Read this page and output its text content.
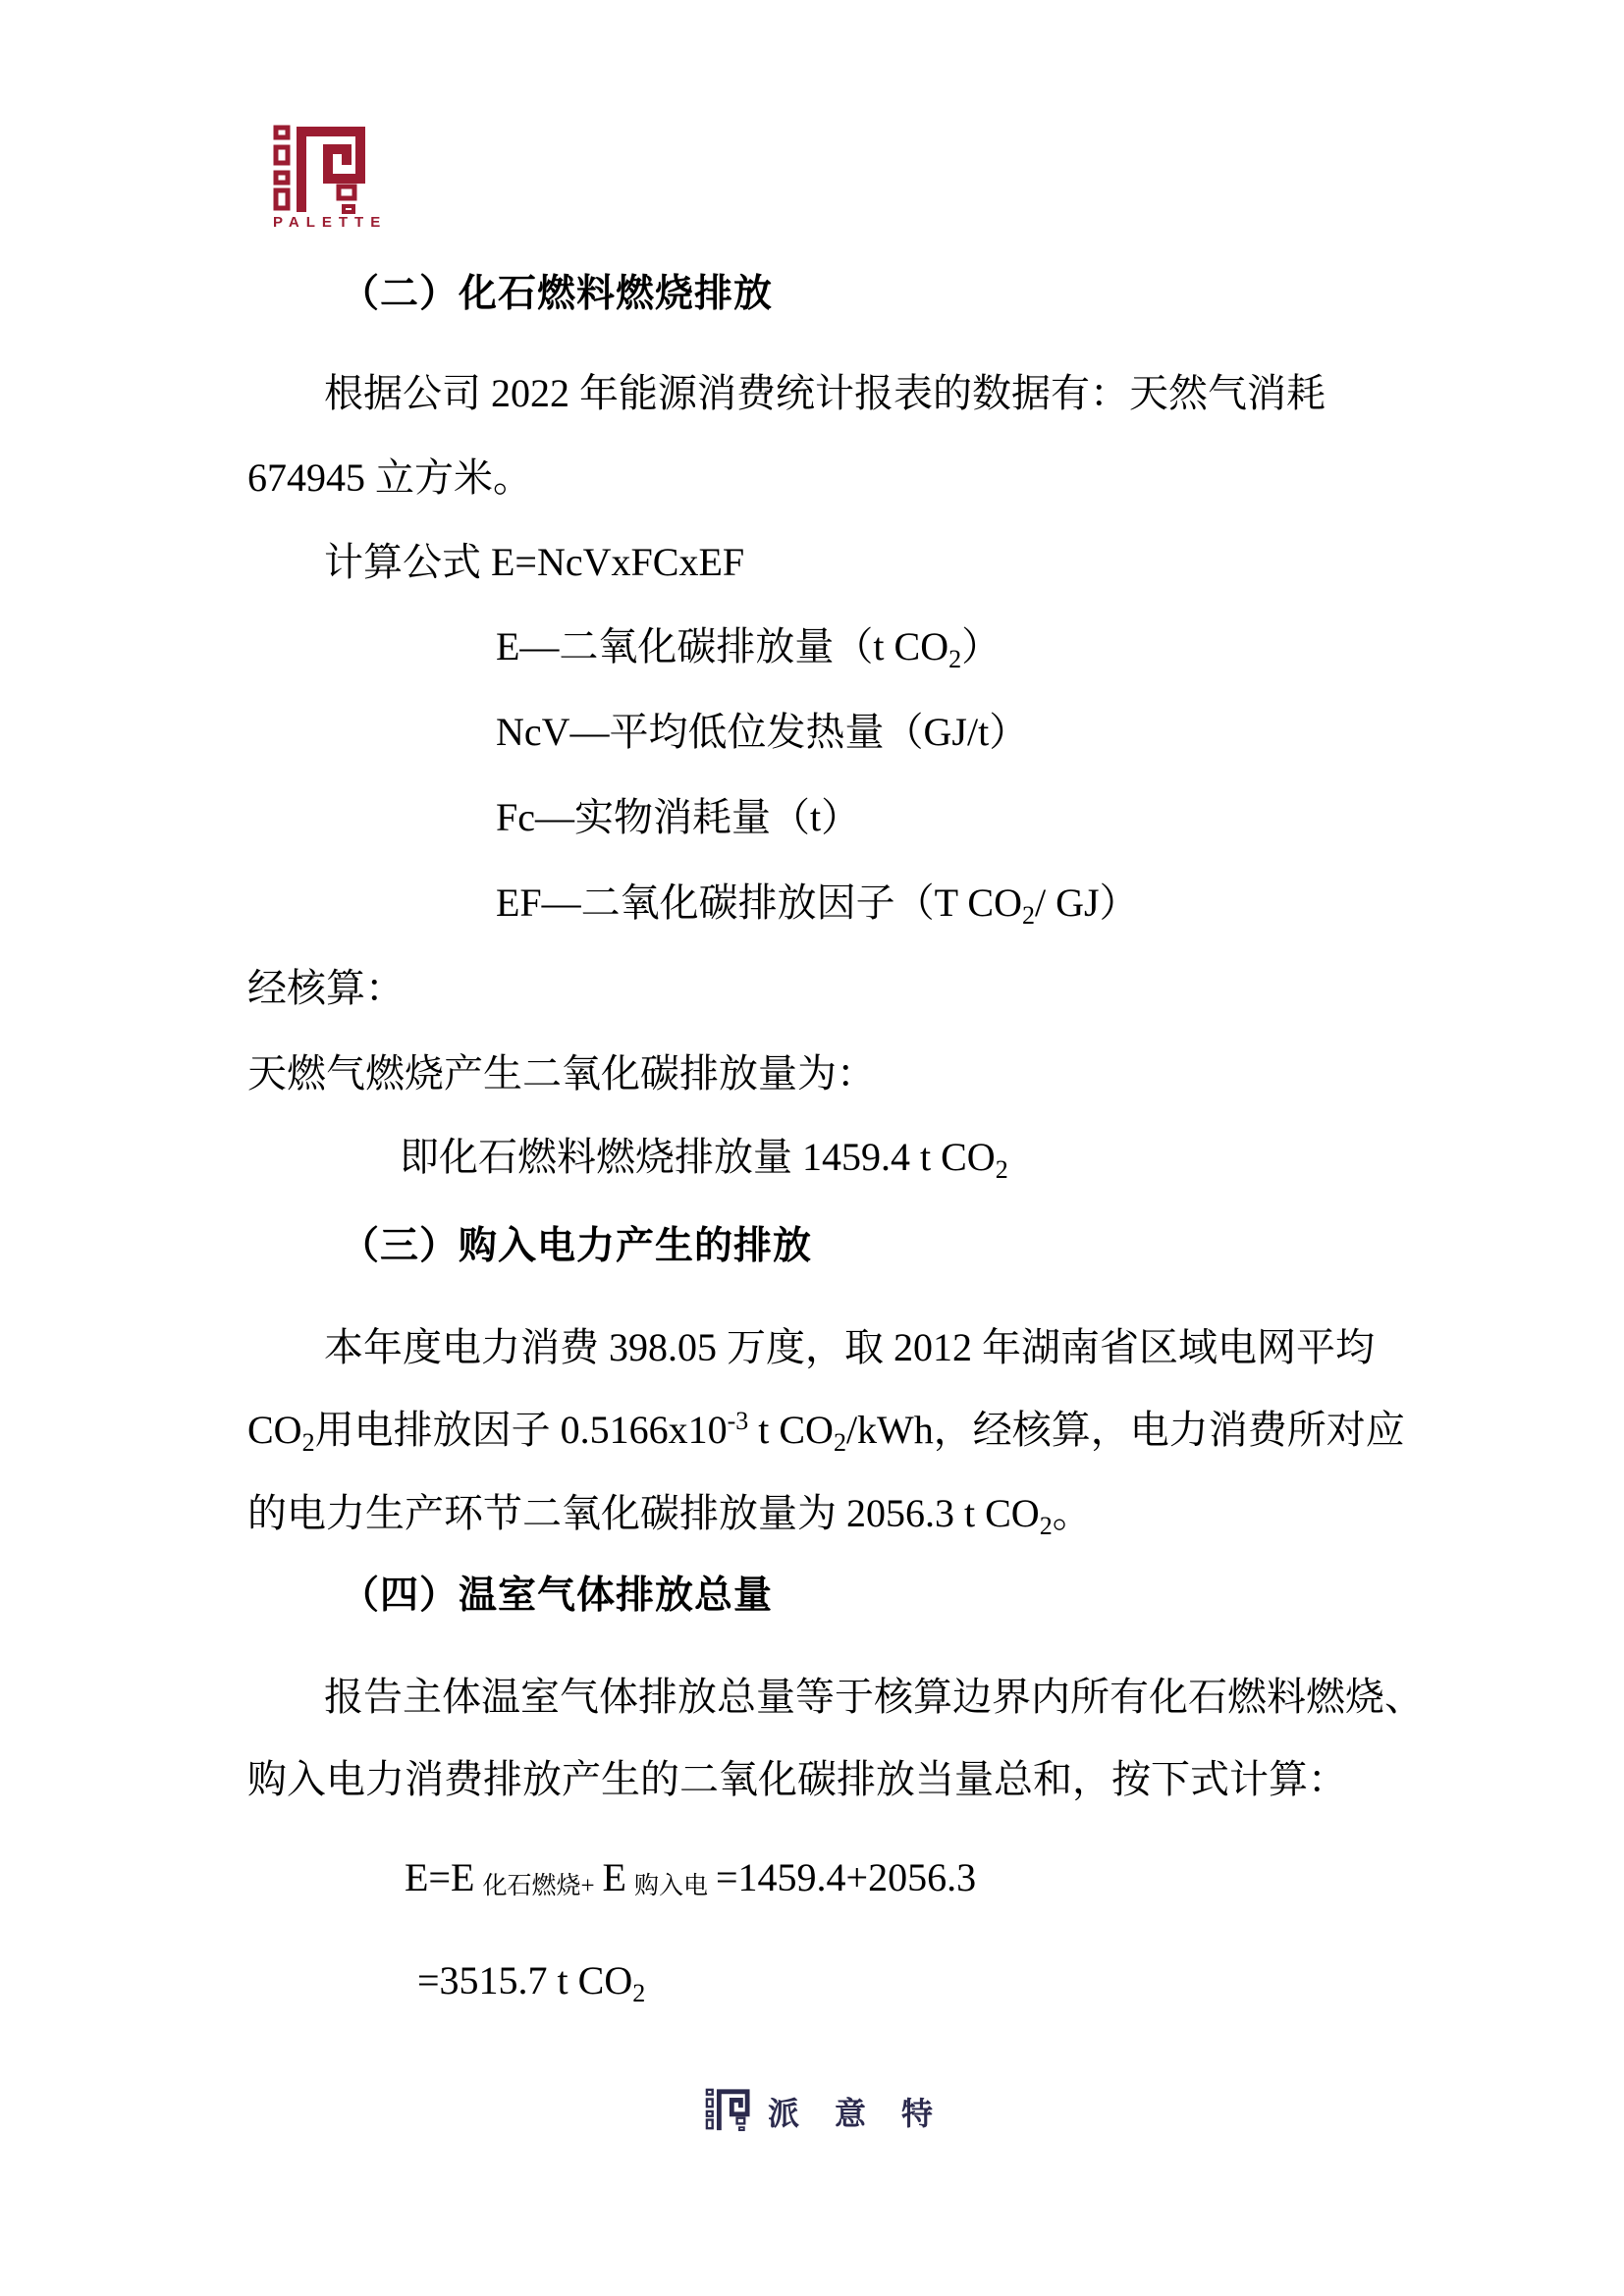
PALETTE
（二）化石燃料燃烧排放
根据公司 2022 年能源消费统计报表的数据有：天然气消耗
674945 立方米。
计算公式 E=NcVxFCxEF
E—二氧化碳排放量（t $CO_2$）
NcV—平均低位发热量（GJ/t）
Fc—实物消耗量（t）
EF—二氧化碳排放因子（T $CO_2/$ GJ）
经核算：
天燃气燃烧产生二氧化碳排放量为：
即化石燃料燃烧排放量 1459.4 t $CO_2$
（三）购入电力产生的排放
本年度电力消费 398.05 万度，取 2012 年湖南省区域电网平均
$CO_2$用电排放因子 $0.5166x10^{-3}$ t $CO_2$/kWh，经核算，电力消费所对应
的电力生产环节二氧化碳排放量为 2056.3 t $CO_2$。
（四）温室气体排放总量
报告主体温室气体排放总量等于核算边界内所有化石燃料燃烧、
购入电力消费排放产生的二氧化碳排放当量总和，按下式计算：
E=E 化石燃烧+ E 购入电 =1459.4+2056.3
=3515.7 t $CO_2$
派意特
